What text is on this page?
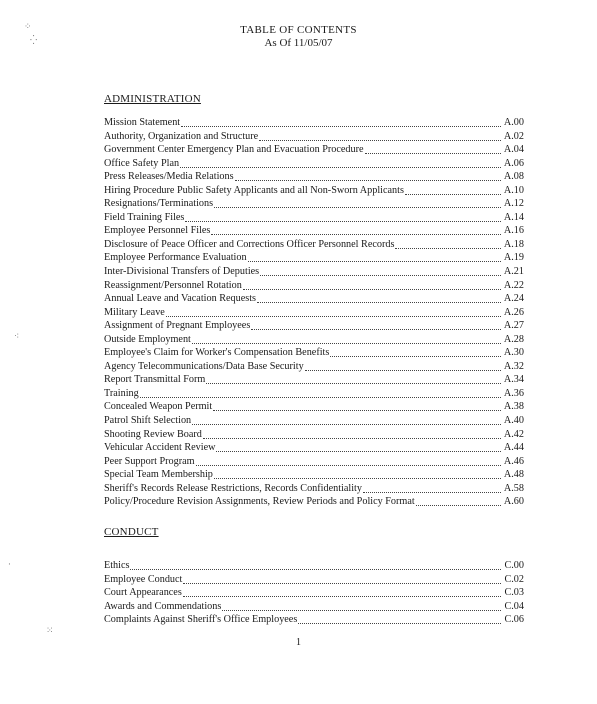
TABLE OF CONTENTS
As Of 11/05/07
ADMINISTRATION
Mission Statement	A.00
Authority, Organization and Structure	A.02
Government Center Emergency Plan and Evacuation Procedure	A.04
Office Safety Plan	A.06
Press Releases/Media Relations	A.08
Hiring Procedure Public Safety Applicants and all Non-Sworn Applicants	A.10
Resignations/Terminations	A.12
Field Training Files	A.14
Employee Personnel Files	A.16
Disclosure of Peace Officer and Corrections Officer Personnel Records	A.18
Employee Performance Evaluation	A.19
Inter-Divisional Transfers of Deputies	A.21
Reassignment/Personnel Rotation	A.22
Annual Leave and Vacation Requests	A.24
Military Leave	A.26
Assignment of Pregnant Employees	A.27
Outside Employment	A.28
Employee's Claim for Worker's Compensation Benefits	A.30
Agency Telecommunications/Data Base Security	A.32
Report Transmittal Form	A.34
Training	A.36
Concealed Weapon Permit	A.38
Patrol Shift Selection	A.40
Shooting Review Board	A.42
Vehicular Accident Review	A.44
Peer Support Program	A.46
Special Team Membership	A.48
Sheriff's Records Release Restrictions, Records Confidentiality	A.58
Policy/Procedure Revision Assignments, Review Periods and Policy Format	A.60
CONDUCT
Ethics	C.00
Employee Conduct	C.02
Court Appearances	C.03
Awards and Commendations	C.04
Complaints Against Sheriff's Office Employees	C.06
1
⁘
⁛
⁖
·
⁙
